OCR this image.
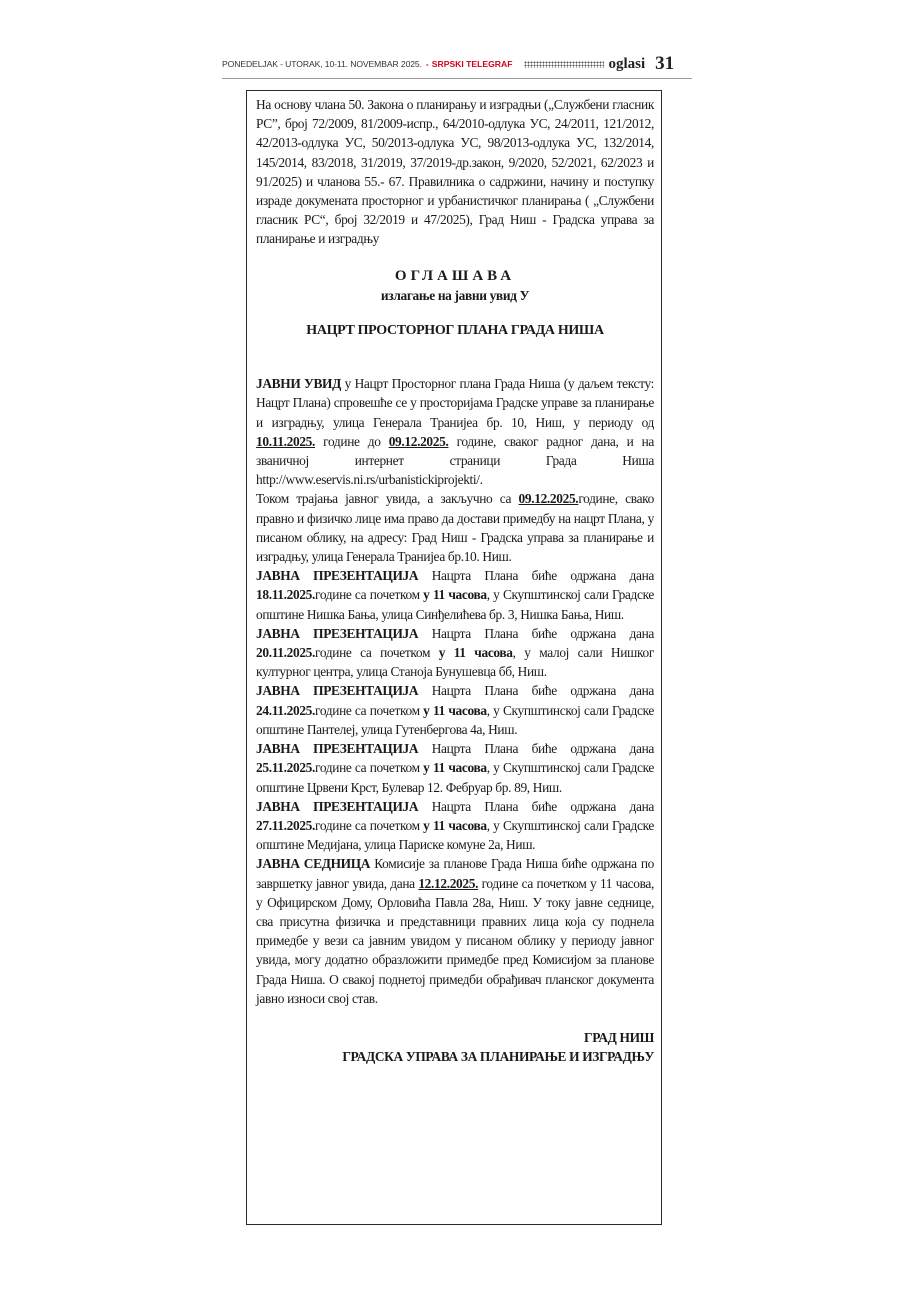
PONEDELJAK - UTORAK, 10-11. NOVEMBAR 2025. - SRPSKI TELEGRAF	oglasi 31

На основу члана 50. Закона о планирању и изградњи („Службени гласник РС”, број 72/2009, 81/2009-испр., 64/2010-одлука УС, 24/2011, 121/2012, 42/2013-одлука УС, 50/2013-одлука УС, 98/2013-одлука УС, 132/2014, 145/2014, 83/2018, 31/2019, 37/2019-др.закон, 9/2020, 52/2021, 62/2023 и 91/2025) и чланова 55.- 67. Правилника о садржини, начину и поступку израде докумената просторног и урбанистичког планирања ( „Службени гласник РС“, број 32/2019 и 47/2025), Град Ниш - Градска управа за планирање и изградњу

ОГЛАШАВА
излагање на јавни увид У
НАЦРТ ПРОСТОРНОГ ПЛАНА ГРАДА НИША

ЈАВНИ УВИД у Нацрт Просторног плана Града Ниша (у даљем тексту: Нацрт Плана) спровешће се у просторијама Градске управе за планирање и изградњу, улица Генерала Транијеа бр. 10, Ниш, у периоду од 10.11.2025. године до 09.12.2025. године, сваког радног дана, и на званичној интернет страници Града Ниша http://www.eservis.ni.rs/urbanistickiprojekti/.

Током трајања јавног увида, а закључно са 09.12.2025.године, свако правно и физичко лице има право да достави примедбу на нацрт Плана, у писаном облику, на адресу: Град Ниш - Градска управа за планирање и изградњу, улица Генерала Транијеа бр.10. Ниш.

ЈАВНА ПРЕЗЕНТАЦИЈА Нацрта Плана биће одржана дана 18.11.2025.године са почетком у 11 часова, у Скупштинској сали Градске општине Нишка Бања, улица Синђелићева бр. 3, Нишка Бања, Ниш.

ЈАВНА ПРЕЗЕНТАЦИЈА Нацрта Плана биће одржана дана 20.11.2025.године са почетком у 11 часова, у малој сали Нишког културног центра, улица Станоја Бунушевца бб, Ниш.

ЈАВНА ПРЕЗЕНТАЦИЈА Нацрта Плана биће одржана дана 24.11.2025.године са почетком у 11 часова, у Скупштинској сали Градске општине Пантелеј, улица Гутенбергова 4а, Ниш.

ЈАВНА ПРЕЗЕНТАЦИЈА Нацрта Плана биће одржана дана 25.11.2025.године са почетком у 11 часова, у Скупштинској сали Градске општине Црвени Крст, Булевар 12. Фебруар бр. 89, Ниш.

ЈАВНА ПРЕЗЕНТАЦИЈА Нацрта Плана биће одржана дана 27.11.2025.године са почетком у 11 часова, у Скупштинској сали Градске општине Медијана, улица Париске комуне 2а, Ниш.

ЈАВНА СЕДНИЦА Комисије за планове Града Ниша биће одржана по завршетку јавног увида, дана 12.12.2025. године са почетком у 11 часова, у Официрском Дому, Орловића Павла 28а, Ниш. У току јавне седнице, сва присутна физичка и представници правних лица која су поднела примедбе у вези са јавним увидом у писаном облику у периоду јавног увида, могу додатно образложити примедбе пред Комисијом за планове Града Ниша. О свакој поднетој примедби обрађивач планског документа јавно износи свој став.

ГРАД НИШ
ГРАДСКА УПРАВА ЗА ПЛАНИРАЊЕ И ИЗГРАДЊУ
